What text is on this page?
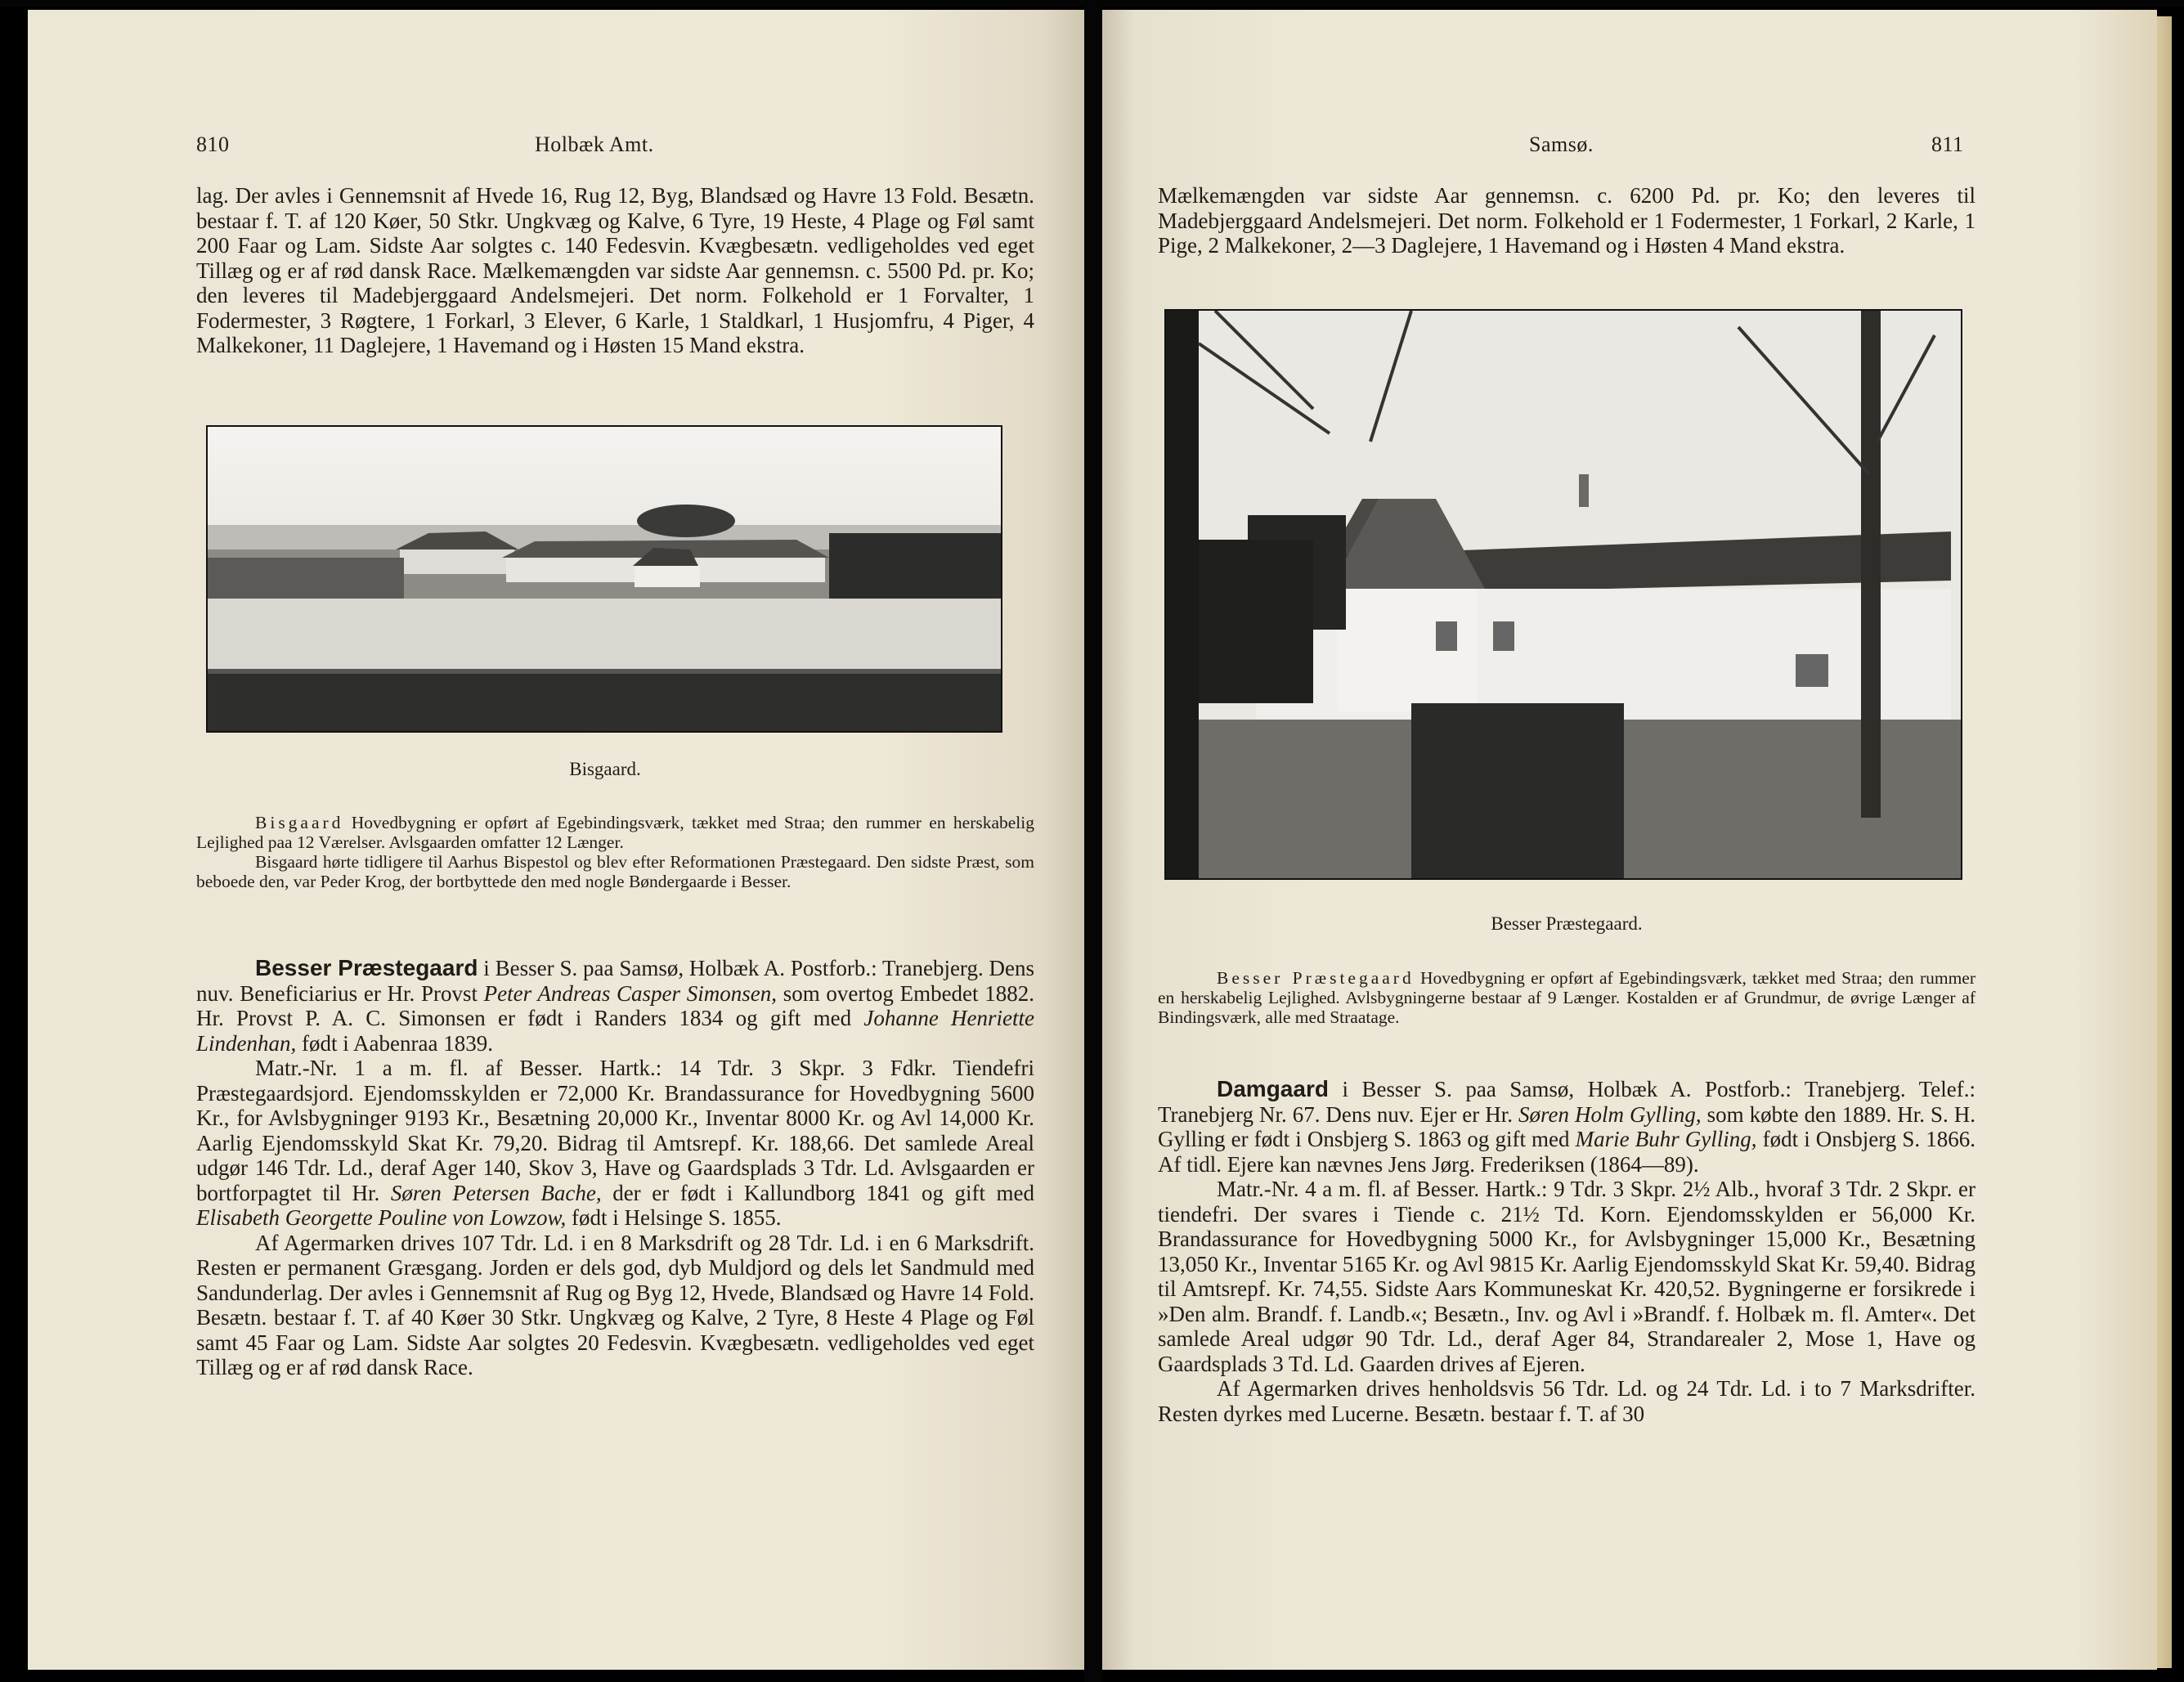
810	Holbæk Amt.

lag. Der avles i Gennemsnit af Hvede 16, Rug 12, Byg, Blandsæd og Havre 13 Fold. Besætn. bestaar f. T. af 120 Køer, 50 Stkr. Ungkvæg og Kalve, 6 Tyre, 19 Heste, 4 Plage og Føl samt 200 Faar og Lam. Sidste Aar solgtes c. 140 Fedesvin. Kvægbesætn. vedligeholdes ved eget Tillæg og er af rød dansk Race. Mælkemængden var sidste Aar gennemsn. c. 5500 Pd. pr. Ko; den leveres til Madebjerggaard Andelsmejeri. Det norm. Folkehold er 1 Forvalter, 1 Fodermester, 3 Røgtere, 1 Forkarl, 3 Elever, 6 Karle, 1 Staldkarl, 1 Husjomfru, 4 Piger, 4 Malkekoner, 11 Daglejere, 1 Havemand og i Høsten 15 Mand ekstra.

Bisgaard.

Bisgaard Hovedbygning er opført af Egebindingsværk, tækket med Straa; den rummer en herskabelig Lejlighed paa 12 Værelser. Avlsgaarden omfatter 12 Længer.

Bisgaard hørte tidligere til Aarhus Bispestol og blev efter Reformationen Præstegaard. Den sidste Præst, som beboede den, var Peder Krog, der bortbyttede den med nogle Bøndergaarde i Besser.

Besser Præstegaard i Besser S. paa Samsø, Holbæk A. Postforb.: Tranebjerg. Dens nuv. Beneficiarius er Hr. Provst Peter Andreas Casper Simonsen, som overtog Embedet 1882. Hr. Provst P. A. C. Simonsen er født i Randers 1834 og gift med Johanne Henriette Lindenhan, født i Aabenraa 1839.

Matr.-Nr. 1 a m. fl. af Besser. Hartk.: 14 Tdr. 3 Skpr. 3 Fdkr. Tiendefri Præstegaardsjord. Ejendomsskylden er 72,000 Kr. Brandassurance for Hovedbygning 5600 Kr., for Avlsbygninger 9193 Kr., Besætning 20,000 Kr., Inventar 8000 Kr. og Avl 14,000 Kr. Aarlig Ejendomsskyld Skat Kr. 79,20. Bidrag til Amtsrepf. Kr. 188,66. Det samlede Areal udgør 146 Tdr. Ld., deraf Ager 140, Skov 3, Have og Gaardsplads 3 Tdr. Ld. Avlsgaarden er bortforpagtet til Hr. Søren Petersen Bache, der er født i Kallundborg 1841 og gift med Elisabeth Georgette Pouline von Lowzow, født i Helsinge S. 1855.

Af Agermarken drives 107 Tdr. Ld. i en 8 Marksdrift og 28 Tdr. Ld. i en 6 Marksdrift. Resten er permanent Græsgang. Jorden er dels god, dyb Muldjord og dels let Sandmuld med Sandunderlag. Der avles i Gennemsnit af Rug og Byg 12, Hvede, Blandsæd og Havre 14 Fold. Besætn. bestaar f. T. af 40 Køer 30 Stkr. Ungkvæg og Kalve, 2 Tyre, 8 Heste 4 Plage og Føl samt 45 Faar og Lam. Sidste Aar solgtes 20 Fedesvin. Kvægbesætn. vedligeholdes ved eget Tillæg og er af rød dansk Race.

Samsø.	811

Mælkemængden var sidste Aar gennemsn. c. 6200 Pd. pr. Ko; den leveres til Madebjerggaard Andelsmejeri. Det norm. Folkehold er 1 Fodermester, 1 Forkarl, 2 Karle, 1 Pige, 2 Malkekoner, 2—3 Daglejere, 1 Havemand og i Høsten 4 Mand ekstra.

Besser Præstegaard.

Besser Præstegaard Hovedbygning er opført af Egebindingsværk, tækket med Straa; den rummer en herskabelig Lejlighed. Avlsbygningerne bestaar af 9 Længer. Kostalden er af Grundmur, de øvrige Længer af Bindingsværk, alle med Straatage.

Damgaard i Besser S. paa Samsø, Holbæk A. Postforb.: Tranebjerg. Telef.: Tranebjerg Nr. 67. Dens nuv. Ejer er Hr. Søren Holm Gylling, som købte den 1889. Hr. S. H. Gylling er født i Onsbjerg S. 1863 og gift med Marie Buhr Gylling, født i Onsbjerg S. 1866. Af tidl. Ejere kan nævnes Jens Jørg. Frederiksen (1864—89).

Matr.-Nr. 4 a m. fl. af Besser. Hartk.: 9 Tdr. 3 Skpr. 2½ Alb., hvoraf 3 Tdr. 2 Skpr. er tiendefri. Der svares i Tiende c. 21½ Td. Korn. Ejendomsskylden er 56,000 Kr. Brandassurance for Hovedbygning 5000 Kr., for Avlsbygninger 15,000 Kr., Besætning 13,050 Kr., Inventar 5165 Kr. og Avl 9815 Kr. Aarlig Ejendomsskyld Skat Kr. 59,40. Bidrag til Amtsrepf. Kr. 74,55. Sidste Aars Kommuneskat Kr. 420,52. Bygningerne er forsikrede i »Den alm. Brandf. f. Landb.«; Besætn., Inv. og Avl i »Brandf. f. Holbæk m. fl. Amter«. Det samlede Areal udgør 90 Tdr. Ld., deraf Ager 84, Strandarealer 2, Mose 1, Have og Gaardsplads 3 Td. Ld. Gaarden drives af Ejeren.

Af Agermarken drives henholdsvis 56 Tdr. Ld. og 24 Tdr. Ld. i to 7 Marksdrifter. Resten dyrkes med Lucerne. Besætn. bestaar f. T. af 30
